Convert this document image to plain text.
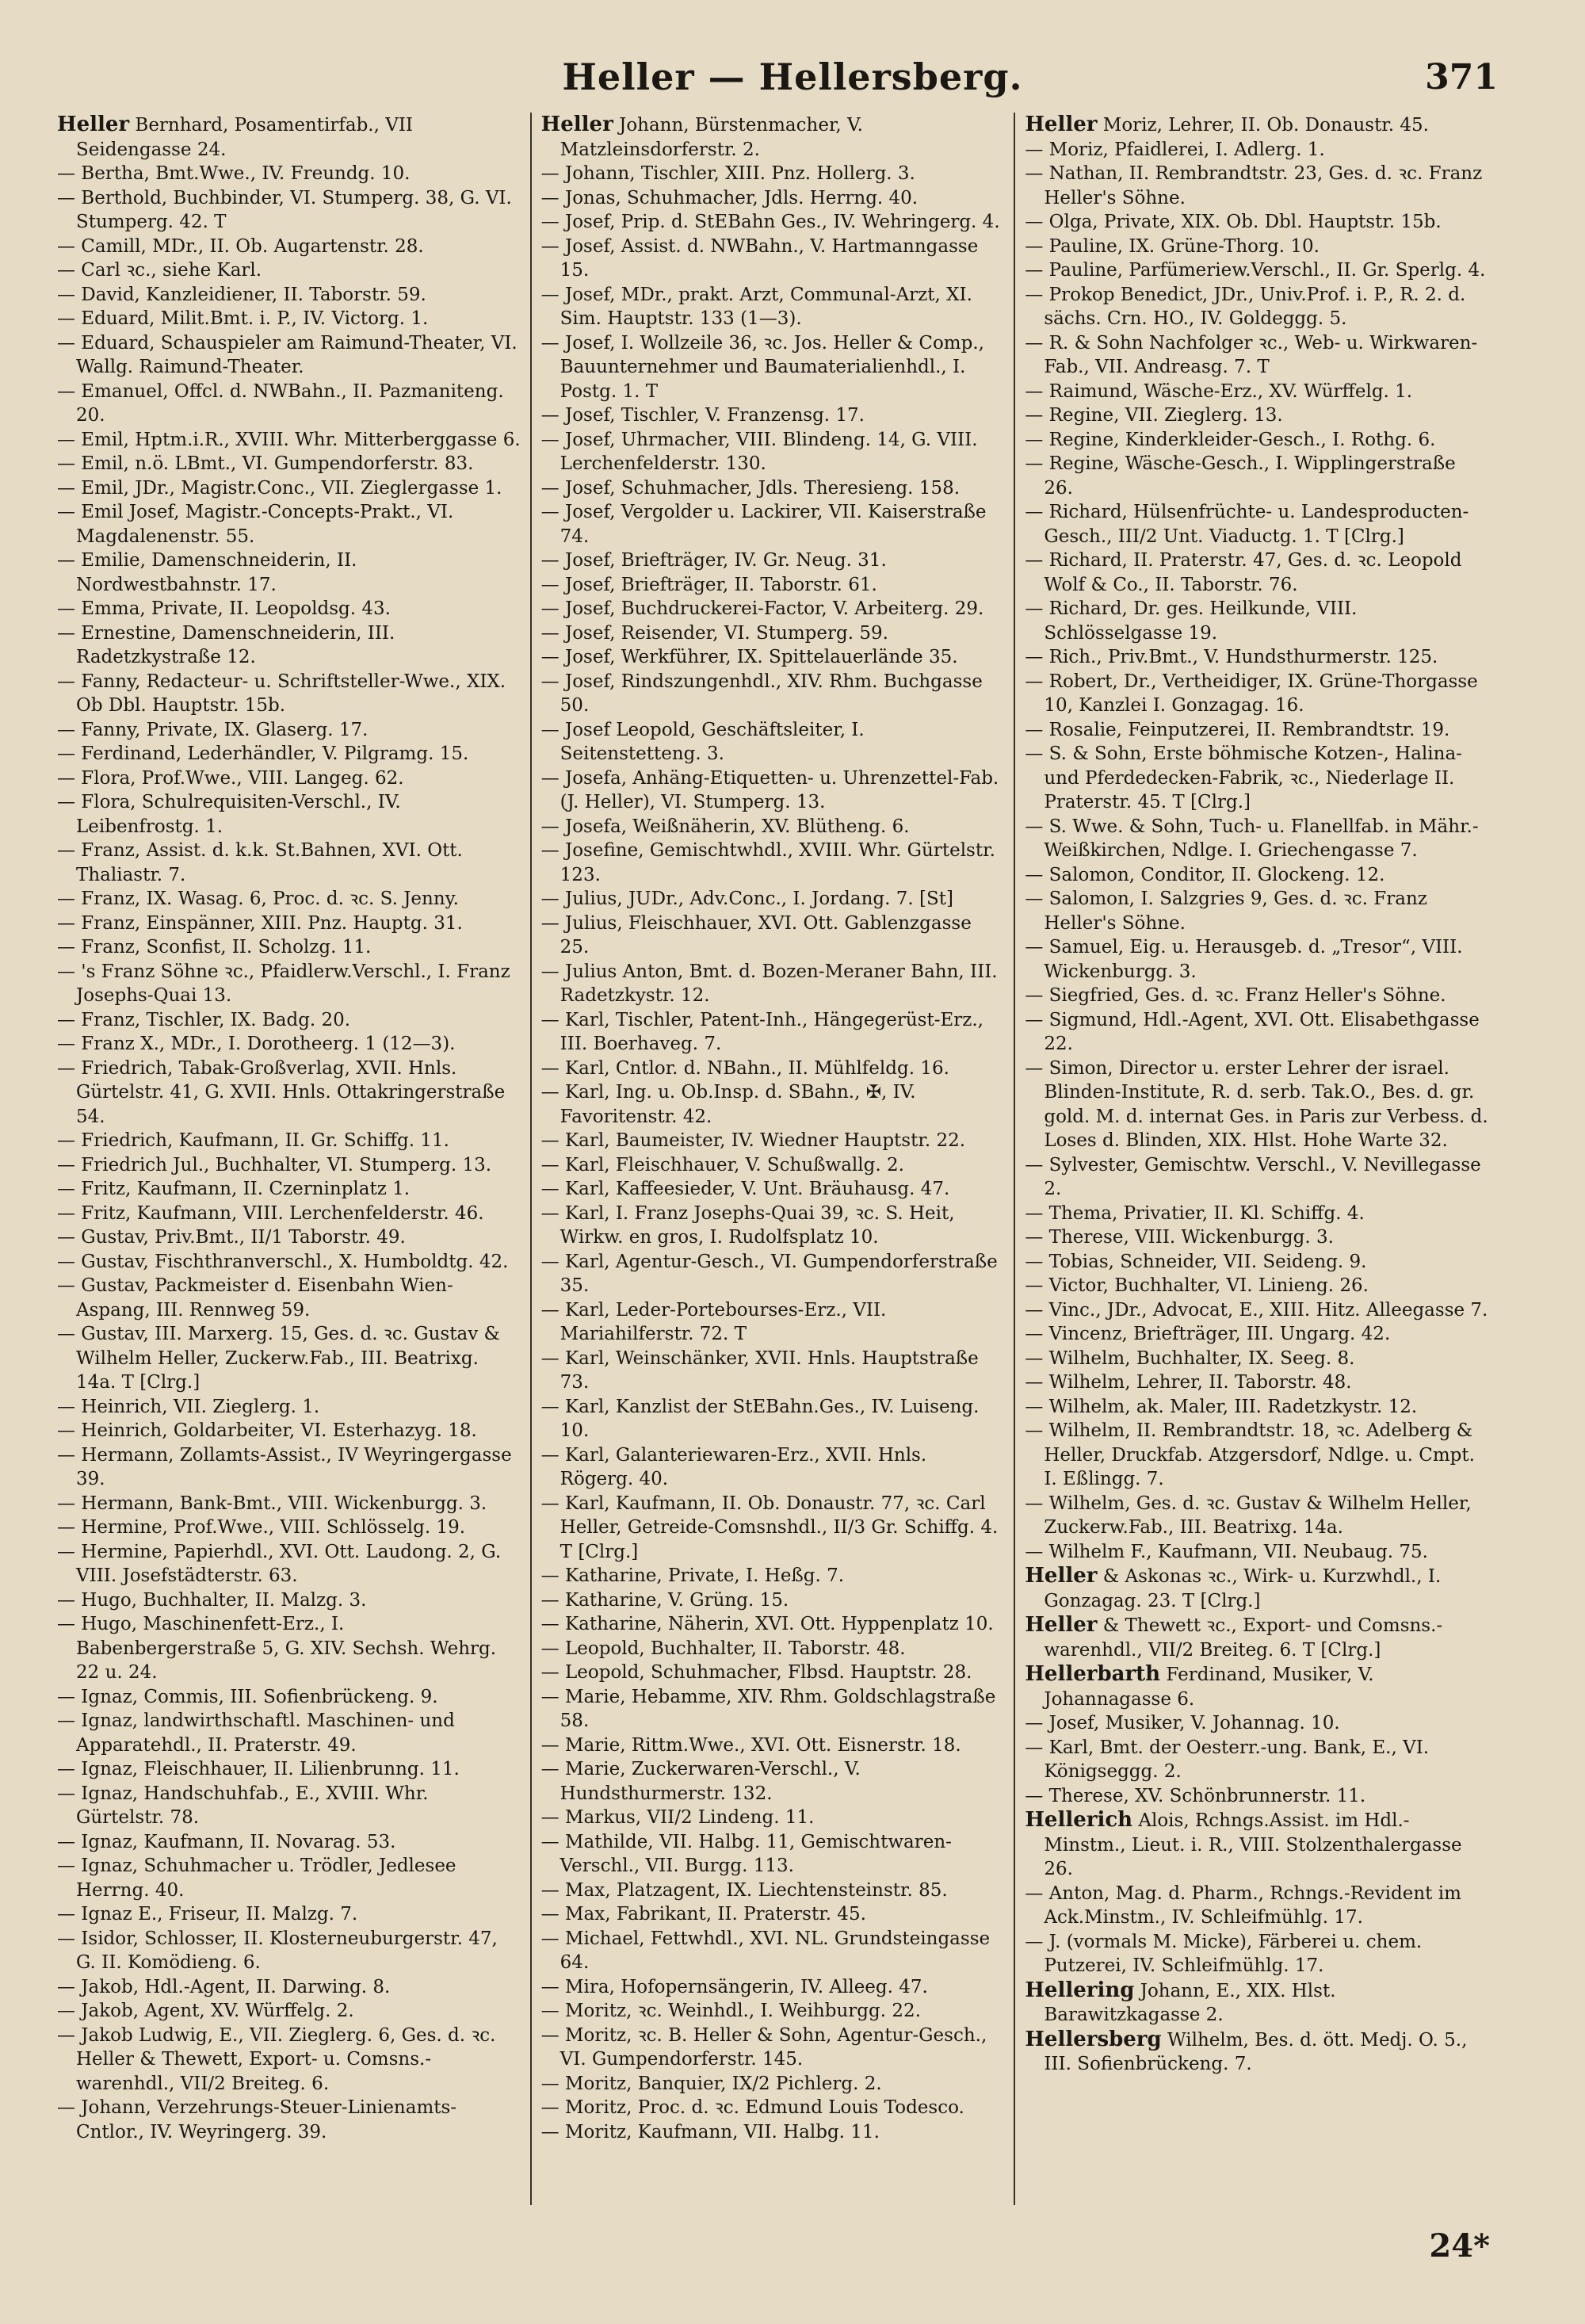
Heller — Hellersberg.	371

Heller Bernhard, Posamentirfab., VII Seidengasse 24.

— Bertha, Bmt.Wwe., IV. Freundg. 10.

— Berthold, Buchbinder, VI. Stumperg. 38, G. VI. Stumperg. 42. T

— Camill, MDr., II. Ob. Augartenstr. 28.

— Carl ꝛc., siehe Karl.

— David, Kanzleidiener, II. Taborstr. 59.

— Eduard, Milit.Bmt. i. P., IV. Victorg. 1.

— Eduard, Schauspieler am Raimund-Theater, VI. Wallg. Raimund-Theater.

— Emanuel, Offcl. d. NWBahn., II. Pazmaniteng. 20.

— Emil, Hptm.i.R., XVIII. Whr. Mitterberggasse 6.

— Emil, n.ö. LBmt., VI. Gumpendorferstr. 83.

— Emil, JDr., Magistr.Conc., VII. Zieglergasse 1.

— Emil Josef, Magistr.-Concepts-Prakt., VI. Magdalenenstr. 55.

— Emilie, Damenschneiderin, II. Nordwestbahnstr. 17.

— Emma, Private, II. Leopoldsg. 43.

— Ernestine, Damenschneiderin, III. Radetzkystraße 12.

— Fanny, Redacteur- u. Schriftsteller-Wwe., XIX. Ob Dbl. Hauptstr. 15b.

— Fanny, Private, IX. Glaserg. 17.

— Ferdinand, Lederhändler, V. Pilgramg. 15.

— Flora, Prof.Wwe., VIII. Langeg. 62.

— Flora, Schulrequisiten-Verschl., IV. Leibenfrostg. 1.

— Franz, Assist. d. k.k. St.Bahnen, XVI. Ott. Thaliastr. 7.

— Franz, IX. Wasag. 6, Proc. d. ꝛc. S. Jenny.

— Franz, Einspänner, XIII. Pnz. Hauptg. 31.

— Franz, Sconfist, II. Scholzg. 11.

— 's Franz Söhne ꝛc., Pfaidlerw.Verschl., I. Franz Josephs-Quai 13.

— Franz, Tischler, IX. Badg. 20.

— Franz X., MDr., I. Dorotheerg. 1 (12—3).

— Friedrich, Tabak-Großverlag, XVII. Hnls. Gürtelstr. 41, G. XVII. Hnls. Ottakringerstraße 54.

— Friedrich, Kaufmann, II. Gr. Schiffg. 11.

— Friedrich Jul., Buchhalter, VI. Stumperg. 13.

— Fritz, Kaufmann, II. Czerninplatz 1.

— Fritz, Kaufmann, VIII. Lerchenfelderstr. 46.

— Gustav, Priv.Bmt., II/1 Taborstr. 49.

— Gustav, Fischthranverschl., X. Humboldtg. 42.

— Gustav, Packmeister d. Eisenbahn Wien-Aspang, III. Rennweg 59.

— Gustav, III. Marxerg. 15, Ges. d. ꝛc. Gustav & Wilhelm Heller, Zuckerw.Fab., III. Beatrixg. 14a. T [Clrg.]

— Heinrich, VII. Zieglerg. 1.

— Heinrich, Goldarbeiter, VI. Esterhazyg. 18.

— Hermann, Zollamts-Assist., IV Weyringergasse 39.

— Hermann, Bank-Bmt., VIII. Wickenburgg. 3.

— Hermine, Prof.Wwe., VIII. Schlösselg. 19.

— Hermine, Papierhdl., XVI. Ott. Laudong. 2, G. VIII. Josefstädterstr. 63.

— Hugo, Buchhalter, II. Malzg. 3.

— Hugo, Maschinenfett-Erz., I. Babenbergerstraße 5, G. XIV. Sechsh. Wehrg. 22 u. 24.

— Ignaz, Commis, III. Sofienbrückeng. 9.

— Ignaz, landwirthschaftl. Maschinen- und Apparatehdl., II. Praterstr. 49.

— Ignaz, Fleischhauer, II. Lilienbrunng. 11.

— Ignaz, Handschuhfab., E., XVIII. Whr. Gürtelstr. 78.

— Ignaz, Kaufmann, II. Novarag. 53.

— Ignaz, Schuhmacher u. Trödler, Jedlesee Herrng. 40.

— Ignaz E., Friseur, II. Malzg. 7.

— Isidor, Schlosser, II. Klosterneuburgerstr. 47, G. II. Komödieng. 6.

— Jakob, Hdl.-Agent, II. Darwing. 8.

— Jakob, Agent, XV. Würffelg. 2.

— Jakob Ludwig, E., VII. Zieglerg. 6, Ges. d. ꝛc. Heller & Thewett, Export- u. Comsns.-warenhdl., VII/2 Breiteg. 6.

— Johann, Verzehrungs-Steuer-Linienamts-Cntlor., IV. Weyringerg. 39.

Heller Johann, Bürstenmacher, V. Matzleinsdorferstr. 2.

— Johann, Tischler, XIII. Pnz. Hollerg. 3.

— Jonas, Schuhmacher, Jdls. Herrng. 40.

— Josef, Prip. d. StEBahn Ges., IV. Wehringerg. 4.

— Josef, Assist. d. NWBahn., V. Hartmanngasse 15.

— Josef, MDr., prakt. Arzt, Communal-Arzt, XI. Sim. Hauptstr. 133 (1—3).

— Josef, I. Wollzeile 36, ꝛc. Jos. Heller & Comp., Bauunternehmer und Baumaterialienhdl., I. Postg. 1. T

— Josef, Tischler, V. Franzensg. 17.

— Josef, Uhrmacher, VIII. Blindeng. 14, G. VIII. Lerchenfelderstr. 130.

— Josef, Schuhmacher, Jdls. Theresieng. 158.

— Josef, Vergolder u. Lackirer, VII. Kaiserstraße 74.

— Josef, Briefträger, IV. Gr. Neug. 31.

— Josef, Briefträger, II. Taborstr. 61.

— Josef, Buchdruckerei-Factor, V. Arbeiterg. 29.

— Josef, Reisender, VI. Stumperg. 59.

— Josef, Werkführer, IX. Spittelauerlände 35.

— Josef, Rindszungenhdl., XIV. Rhm. Buchgasse 50.

— Josef Leopold, Geschäftsleiter, I. Seitenstetteng. 3.

— Josefa, Anhäng-Etiquetten- u. Uhrenzettel-Fab. (J. Heller), VI. Stumperg. 13.

— Josefa, Weißnäherin, XV. Blütheng. 6.

— Josefine, Gemischtwhdl., XVIII. Whr. Gürtelstr. 123.

— Julius, JUDr., Adv.Conc., I. Jordang. 7. [St]

— Julius, Fleischhauer, XVI. Ott. Gablenzgasse 25.

— Julius Anton, Bmt. d. Bozen-Meraner Bahn, III. Radetzkystr. 12.

— Karl, Tischler, Patent-Inh., Hängegerüst-Erz., III. Boerhaveg. 7.

— Karl, Cntlor. d. NBahn., II. Mühlfeldg. 16.

— Karl, Ing. u. Ob.Insp. d. SBahn., ✠, IV. Favoritenstr. 42.

— Karl, Baumeister, IV. Wiedner Hauptstr. 22.

— Karl, Fleischhauer, V. Schußwallg. 2.

— Karl, Kaffeesieder, V. Unt. Bräuhausg. 47.

— Karl, I. Franz Josephs-Quai 39, ꝛc. S. Heit, Wirkw. en gros, I. Rudolfsplatz 10.

— Karl, Agentur-Gesch., VI. Gumpendorferstraße 35.

— Karl, Leder-Portebourses-Erz., VII. Mariahilferstr. 72. T

— Karl, Weinschänker, XVII. Hnls. Hauptstraße 73.

— Karl, Kanzlist der StEBahn.Ges., IV. Luiseng. 10.

— Karl, Galanteriewaren-Erz., XVII. Hnls. Rögerg. 40.

— Karl, Kaufmann, II. Ob. Donaustr. 77, ꝛc. Carl Heller, Getreide-Comsnshdl., II/3 Gr. Schiffg. 4. T [Clrg.]

— Katharine, Private, I. Heßg. 7.

— Katharine, V. Grüng. 15.

— Katharine, Näherin, XVI. Ott. Hyppenplatz 10.

— Leopold, Buchhalter, II. Taborstr. 48.

— Leopold, Schuhmacher, Flbsd. Hauptstr. 28.

— Marie, Hebamme, XIV. Rhm. Goldschlagstraße 58.

— Marie, Rittm.Wwe., XVI. Ott. Eisnerstr. 18.

— Marie, Zuckerwaren-Verschl., V. Hundsthurmerstr. 132.

— Markus, VII/2 Lindeng. 11.

— Mathilde, VII. Halbg. 11, Gemischtwaren-Verschl., VII. Burgg. 113.

— Max, Platzagent, IX. Liechtensteinstr. 85.

— Max, Fabrikant, II. Praterstr. 45.

— Michael, Fettwhdl., XVI. NL. Grundsteingasse 64.

— Mira, Hofopernsängerin, IV. Alleeg. 47.

— Moritz, ꝛc. Weinhdl., I. Weihburgg. 22.

— Moritz, ꝛc. B. Heller & Sohn, Agentur-Gesch., VI. Gumpendorferstr. 145.

— Moritz, Banquier, IX/2 Pichlerg. 2.

— Moritz, Proc. d. ꝛc. Edmund Louis Todesco.

— Moritz, Kaufmann, VII. Halbg. 11.

Heller Moriz, Lehrer, II. Ob. Donaustr. 45.

— Moriz, Pfaidlerei, I. Adlerg. 1.

— Nathan, II. Rembrandtstr. 23, Ges. d. ꝛc. Franz Heller's Söhne.

— Olga, Private, XIX. Ob. Dbl. Hauptstr. 15b.

— Pauline, IX. Grüne-Thorg. 10.

— Pauline, Parfümeriew.Verschl., II. Gr. Sperlg. 4.

— Prokop Benedict, JDr., Univ.Prof. i. P., R. 2. d. sächs. Crn. HO., IV. Goldeggg. 5.

— R. & Sohn Nachfolger ꝛc., Web- u. Wirkwaren-Fab., VII. Andreasg. 7. T

— Raimund, Wäsche-Erz., XV. Würffelg. 1.

— Regine, VII. Zieglerg. 13.

— Regine, Kinderkleider-Gesch., I. Rothg. 6.

— Regine, Wäsche-Gesch., I. Wipplingerstraße 26.

— Richard, Hülsenfrüchte- u. Landesproducten-Gesch., III/2 Unt. Viaductg. 1. T [Clrg.]

— Richard, II. Praterstr. 47, Ges. d. ꝛc. Leopold Wolf & Co., II. Taborstr. 76.

— Richard, Dr. ges. Heilkunde, VIII. Schlösselgasse 19.

— Rich., Priv.Bmt., V. Hundsthurmerstr. 125.

— Robert, Dr., Vertheidiger, IX. Grüne-Thorgasse 10, Kanzlei I. Gonzagag. 16.

— Rosalie, Feinputzerei, II. Rembrandtstr. 19.

— S. & Sohn, Erste böhmische Kotzen-, Halina- und Pferdedecken-Fabrik, ꝛc., Niederlage II. Praterstr. 45. T [Clrg.]

— S. Wwe. & Sohn, Tuch- u. Flanellfab. in Mähr.-Weißkirchen, Ndlge. I. Griechengasse 7.

— Salomon, Conditor, II. Glockeng. 12.

— Salomon, I. Salzgries 9, Ges. d. ꝛc. Franz Heller's Söhne.

— Samuel, Eig. u. Herausgeb. d. „Tresor“, VIII. Wickenburgg. 3.

— Siegfried, Ges. d. ꝛc. Franz Heller's Söhne.

— Sigmund, Hdl.-Agent, XVI. Ott. Elisabethgasse 22.

— Simon, Director u. erster Lehrer der israel. Blinden-Institute, R. d. serb. Tak.O., Bes. d. gr. gold. M. d. internat Ges. in Paris zur Verbess. d. Loses d. Blinden, XIX. Hlst. Hohe Warte 32.

— Sylvester, Gemischtw. Verschl., V. Nevillegasse 2.

— Thema, Privatier, II. Kl. Schiffg. 4.

— Therese, VIII. Wickenburgg. 3.

— Tobias, Schneider, VII. Seideng. 9.

— Victor, Buchhalter, VI. Linieng. 26.

— Vinc., JDr., Advocat, E., XIII. Hitz. Alleegasse 7.

— Vincenz, Briefträger, III. Ungarg. 42.

— Wilhelm, Buchhalter, IX. Seeg. 8.

— Wilhelm, Lehrer, II. Taborstr. 48.

— Wilhelm, ak. Maler, III. Radetzkystr. 12.

— Wilhelm, II. Rembrandtstr. 18, ꝛc. Adelberg & Heller, Druckfab. Atzgersdorf, Ndlge. u. Cmpt. I. Eßlingg. 7.

— Wilhelm, Ges. d. ꝛc. Gustav & Wilhelm Heller, Zuckerw.Fab., III. Beatrixg. 14a.

— Wilhelm F., Kaufmann, VII. Neubaug. 75.

Heller & Askonas ꝛc., Wirk- u. Kurzwhdl., I. Gonzagag. 23. T [Clrg.]

Heller & Thewett ꝛc., Export- und Comsns.-warenhdl., VII/2 Breiteg. 6. T [Clrg.]

Hellerbarth Ferdinand, Musiker, V. Johannagasse 6.

— Josef, Musiker, V. Johannag. 10.

— Karl, Bmt. der Oesterr.-ung. Bank, E., VI. Königseggg. 2.

— Therese, XV. Schönbrunnerstr. 11.

Hellerich Alois, Rchngs.Assist. im Hdl.-Minstm., Lieut. i. R., VIII. Stolzenthalergasse 26.

— Anton, Mag. d. Pharm., Rchngs.-Revident im Ack.Minstm., IV. Schleifmühlg. 17.

— J. (vormals M. Micke), Färberei u. chem. Putzerei, IV. Schleifmühlg. 17.

Hellering Johann, E., XIX. Hlst. Barawitzkagasse 2.

Hellersberg Wilhelm, Bes. d. ött. Medj. O. 5., III. Sofienbrückeng. 7.

24*
